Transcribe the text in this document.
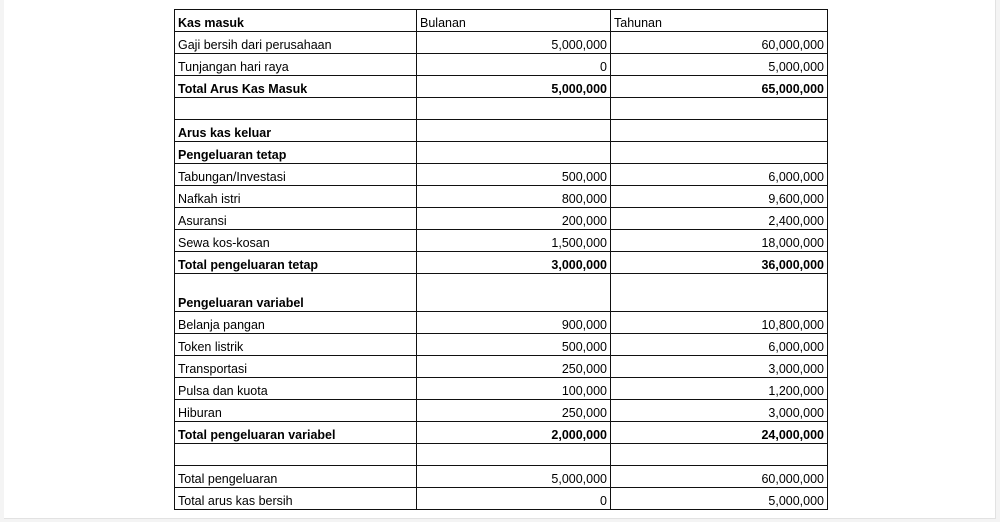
Kas masuk	Bulanan	Tahunan
Gaji bersih dari perusahaan	5,000,000	60,000,000
Tunjangan hari raya	0	5,000,000
Total Arus Kas Masuk	5,000,000	65,000,000

Arus kas keluar		
Pengeluaran tetap		
Tabungan/Investasi	500,000	6,000,000
Nafkah istri	800,000	9,600,000
Asuransi	200,000	2,400,000
Sewa kos-kosan	1,500,000	18,000,000
Total pengeluaran tetap	3,000,000	36,000,000
Pengeluaran variabel		
Belanja pangan	900,000	10,800,000
Token listrik	500,000	6,000,000
Transportasi	250,000	3,000,000
Pulsa dan kuota	100,000	1,200,000
Hiburan	250,000	3,000,000
Total pengeluaran variabel	2,000,000	24,000,000

Total pengeluaran	5,000,000	60,000,000
Total arus kas bersih	0	5,000,000
